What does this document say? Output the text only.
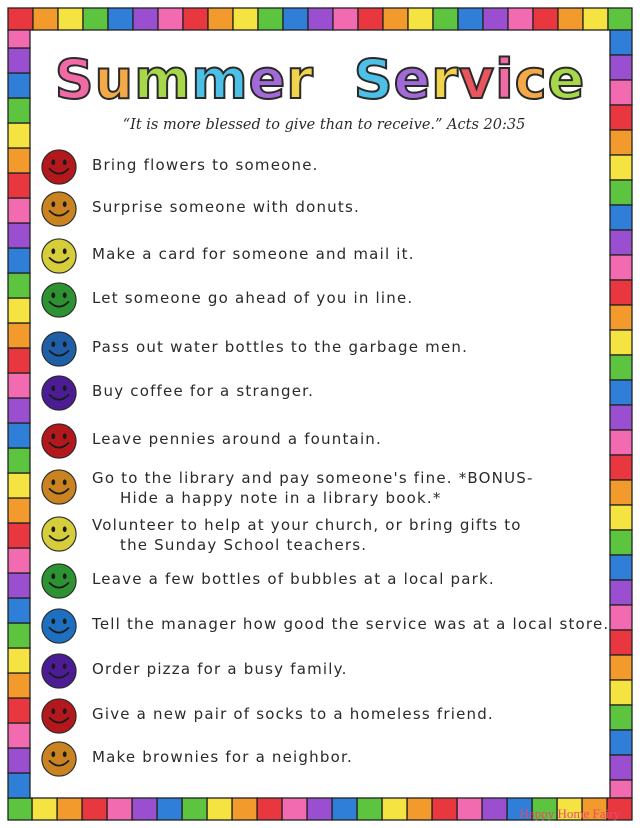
Summer Service
“It is more blessed to give than to receive.” Acts 20:35
Bring flowers to someone.
Surprise someone with donuts.
Make a card for someone and mail it.
Let someone go ahead of you in line.
Pass out water bottles to the garbage men.
Buy coffee for a stranger.
Leave pennies around a fountain.
Go to the library and pay someone's fine. *BONUS-
Hide a happy note in a library book.*
Volunteer to help at your church, or bring gifts to
the Sunday School teachers.
Leave a few bottles of bubbles at a local park.
Tell the manager how good the service was at a local store.
Order pizza for a busy family.
Give a new pair of socks to a homeless friend.
Make brownies for a neighbor.
Happy Home Fairy
